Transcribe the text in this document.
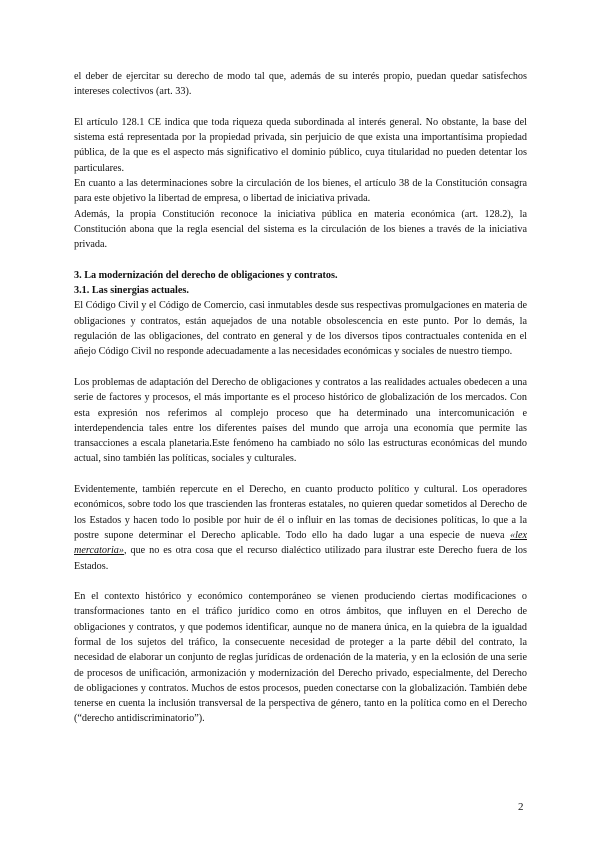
el deber de ejercitar su derecho de modo tal que, además de su interés propio, puedan quedar satisfechos intereses colectivos (art. 33).

El artículo 128.1 CE indica que toda riqueza queda subordinada al interés general. No obstante, la base del sistema está representada por la propiedad privada, sin perjuicio de que exista una importantísima propiedad pública, de la que es el aspecto más significativo el dominio público, cuya titularidad no pueden detentar los particulares.

En cuanto a las determinaciones sobre la circulación de los bienes, el artículo 38 de la Constitución consagra para este objetivo la libertad de empresa, o libertad de iniciativa privada.

Además, la propia Constitución reconoce la iniciativa pública en materia económica (art. 128.2), la Constitución abona que la regla esencial del sistema es la circulación de los bienes a través de la iniciativa privada.

3. La modernización del derecho de obligaciones y contratos.
3.1. Las sinergias actuales.

El Código Civil y el Código de Comercio, casi inmutables desde sus respectivas promulgaciones en materia de obligaciones y contratos, están aquejados de una notable obsolescencia en este punto. Por lo demás, la regulación de las obligaciones, del contrato en general y de los diversos tipos contractuales contenida en el añejo Código Civil no responde adecuadamente a las necesidades económicas y sociales de nuestro tiempo.

Los problemas de adaptación del Derecho de obligaciones y contratos a las realidades actuales obedecen a una serie de factores y procesos, el más importante es el proceso histórico de globalización de los mercados. Con esta expresión nos referimos al complejo proceso que ha determinado una intercomunicación e interdependencia tales entre los diferentes países del mundo que arroja una economía que permite las transacciones a escala planetaria.Este fenómeno ha cambiado no sólo las estructuras económicas del mundo actual, sino también las políticas, sociales y culturales.

Evidentemente, también repercute en el Derecho, en cuanto producto político y cultural. Los operadores económicos, sobre todo los que trascienden las fronteras estatales, no quieren quedar sometidos al Derecho de los Estados y hacen todo lo posible por huir de él o influir en las tomas de decisiones políticas, lo que a la postre supone determinar el Derecho aplicable. Todo ello ha dado lugar a una especie de nueva «lex mercatoria», que no es otra cosa que el recurso dialéctico utilizado para ilustrar este Derecho fuera de los Estados.

En el contexto histórico y económico contemporáneo se vienen produciendo ciertas modificaciones o transformaciones tanto en el tráfico jurídico como en otros ámbitos, que influyen en el Derecho de obligaciones y contratos, y que podemos identificar, aunque no de manera única, en la quiebra de la igualdad formal de los sujetos del tráfico, la consecuente necesidad de proteger a la parte débil del contrato, la necesidad de elaborar un conjunto de reglas jurídicas de ordenación de la materia, y en la eclosión de una serie de procesos de unificación, armonización y modernización del Derecho privado, especialmente, del Derecho de obligaciones y contratos. Muchos de estos procesos, pueden conectarse con la globalización. También debe tenerse en cuenta la inclusión transversal de la perspectiva de género, tanto en la política como en el Derecho (“derecho antidiscriminatorio”).

2
